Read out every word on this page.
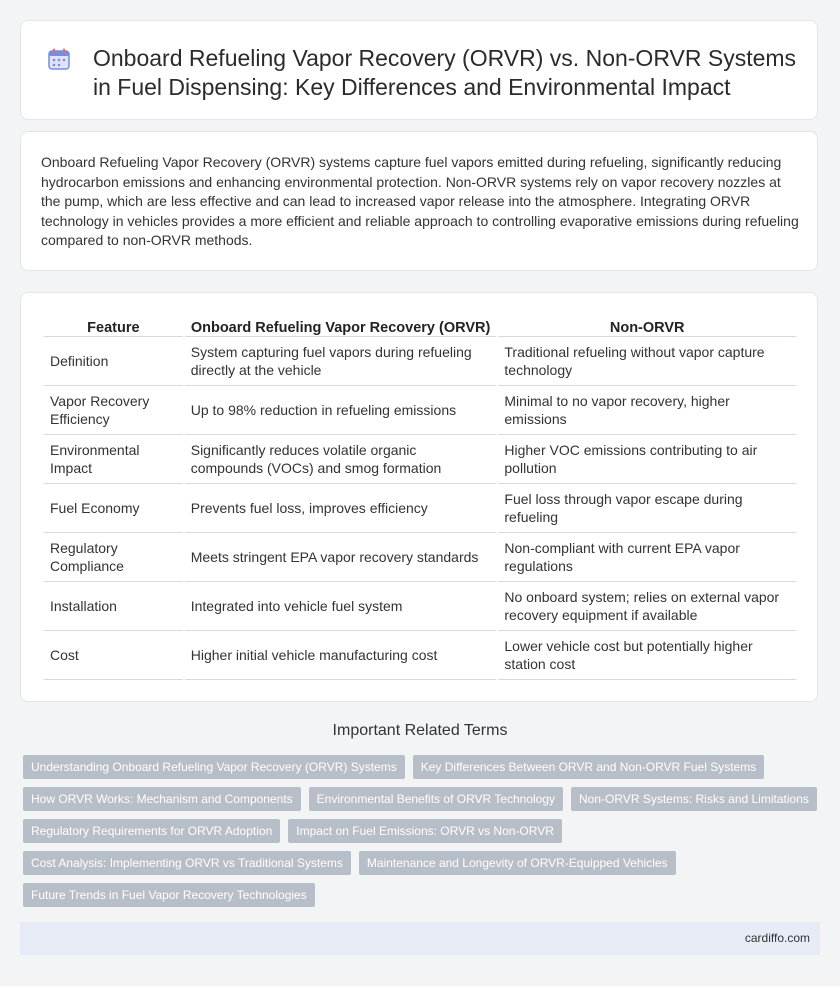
Onboard Refueling Vapor Recovery (ORVR) vs. Non-ORVR Systems in Fuel Dispensing: Key Differences and Environmental Impact

Onboard Refueling Vapor Recovery (ORVR) systems capture fuel vapors emitted during refueling, significantly reducing hydrocarbon emissions and enhancing environmental protection. Non-ORVR systems rely on vapor recovery nozzles at the pump, which are less effective and can lead to increased vapor release into the atmosphere. Integrating ORVR technology in vehicles provides a more efficient and reliable approach to controlling evaporative emissions during refueling compared to non-ORVR methods.

Feature	Onboard Refueling Vapor Recovery (ORVR)	Non-ORVR
Definition	System capturing fuel vapors during refueling directly at the vehicle	Traditional refueling without vapor capture technology
Vapor Recovery Efficiency	Up to 98% reduction in refueling emissions	Minimal to no vapor recovery, higher emissions
Environmental Impact	Significantly reduces volatile organic compounds (VOCs) and smog formation	Higher VOC emissions contributing to air pollution
Fuel Economy	Prevents fuel loss, improves efficiency	Fuel loss through vapor escape during refueling
Regulatory Compliance	Meets stringent EPA vapor recovery standards	Non-compliant with current EPA vapor regulations
Installation	Integrated into vehicle fuel system	No onboard system; relies on external vapor recovery equipment if available
Cost	Higher initial vehicle manufacturing cost	Lower vehicle cost but potentially higher station cost
Important Related Terms
Understanding Onboard Refueling Vapor Recovery (ORVR) Systems	Key Differences Between ORVR and Non-ORVR Fuel Systems
How ORVR Works: Mechanism and Components	Environmental Benefits of ORVR Technology	Non-ORVR Systems: Risks and Limitations
Regulatory Requirements for ORVR Adoption	Impact on Fuel Emissions: ORVR vs Non-ORVR
Cost Analysis: Implementing ORVR vs Traditional Systems	Maintenance and Longevity of ORVR-Equipped Vehicles
Future Trends in Fuel Vapor Recovery Technologies
cardiffo.com
